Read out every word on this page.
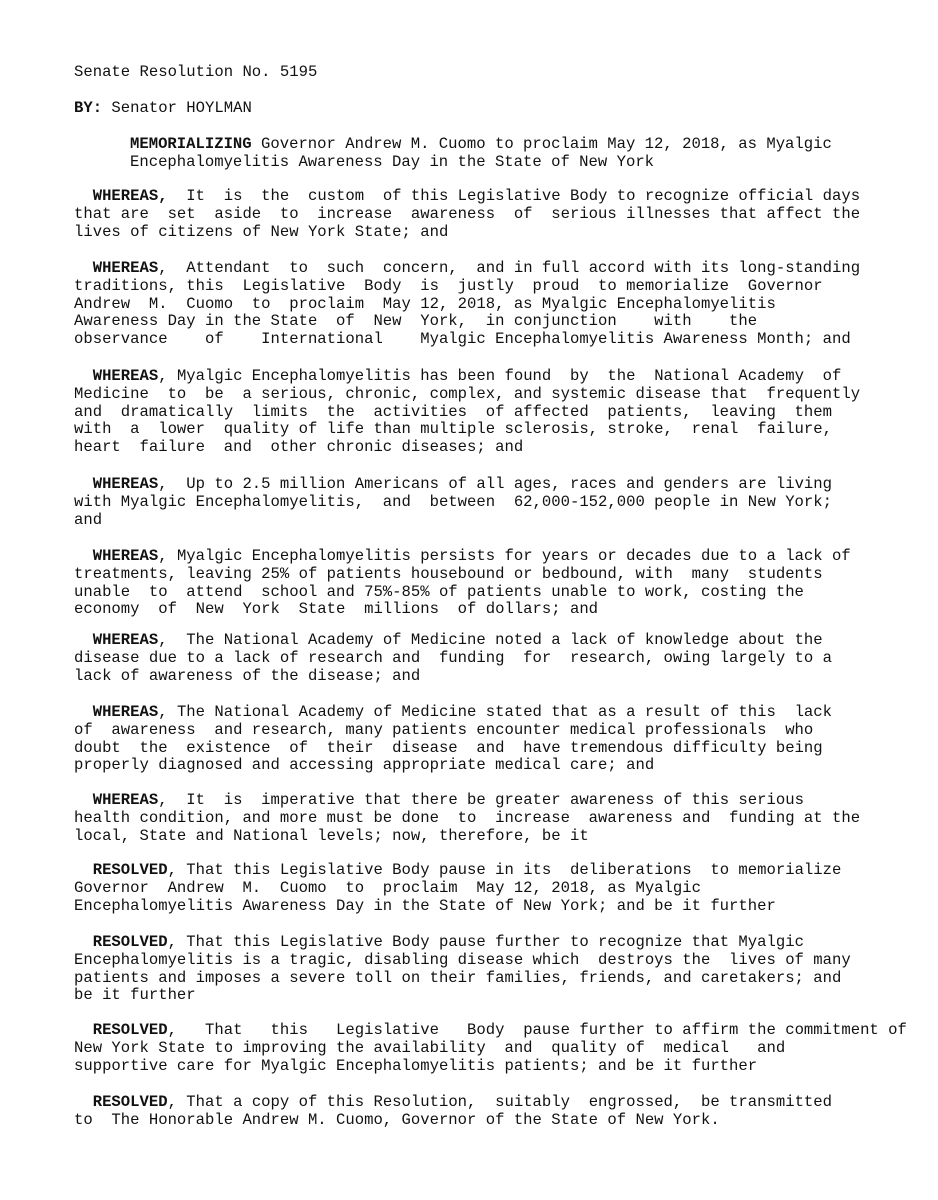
Senate Resolution No. 5195
BY: Senator HOYLMAN
MEMORIALIZING Governor Andrew M. Cuomo to proclaim May 12, 2018, as Myalgic
Encephalomyelitis Awareness Day in the State of New York

WHEREAS,  It  is  the  custom  of this Legislative Body to recognize official days

that are  set  aside  to  increase  awareness  of  serious illnesses that affect the

lives of citizens of New York State; and

WHEREAS,  Attendant  to  such  concern,  and in full accord with its long-standing

traditions, this  Legislative  Body  is  justly  proud  to memorialize  Governor

Andrew  M.  Cuomo  to  proclaim  May 12, 2018, as Myalgic Encephalomyelitis

Awareness Day in the State  of  New  York,  in conjunction    with    the

observance    of    International    Myalgic Encephalomyelitis Awareness Month; and

WHEREAS, Myalgic Encephalomyelitis has been found  by  the  National Academy  of

Medicine  to  be  a serious, chronic, complex, and systemic disease that  frequently

and  dramatically  limits  the  activities  of affected  patients,  leaving  them

with  a  lower  quality of life than multiple sclerosis, stroke,  renal  failure,

heart  failure  and  other chronic diseases; and

WHEREAS,  Up to 2.5 million Americans of all ages, races and genders are living

with Myalgic Encephalomyelitis,  and  between  62,000-152,000 people in New York;

and

WHEREAS, Myalgic Encephalomyelitis persists for years or decades due to a lack of

treatments, leaving 25% of patients housebound or bedbound, with  many  students

unable  to  attend  school and 75%-85% of patients unable to work, costing the

economy  of  New  York  State  millions  of dollars; and

WHEREAS,  The National Academy of Medicine noted a lack of knowledge about the

disease due to a lack of research and  funding  for  research, owing largely to a

lack of awareness of the disease; and

WHEREAS, The National Academy of Medicine stated that as a result of this  lack

of  awareness  and research, many patients encounter medical professionals  who

doubt  the  existence  of  their  disease  and  have tremendous difficulty being

properly diagnosed and accessing appropriate medical care; and

WHEREAS,  It  is  imperative that there be greater awareness of this serious

health condition, and more must be done  to  increase  awareness and  funding at the

local, State and National levels; now, therefore, be it

RESOLVED, That this Legislative Body pause in its  deliberations  to memorialize

Governor  Andrew  M.  Cuomo  to  proclaim  May 12, 2018, as Myalgic

Encephalomyelitis Awareness Day in the State of New York; and be it further

RESOLVED, That this Legislative Body pause further to recognize that Myalgic

Encephalomyelitis is a tragic, disabling disease which  destroys the  lives of many

patients and imposes a severe toll on their families, friends, and caretakers; and

be it further

RESOLVED,   That   this   Legislative   Body  pause further to affirm the commitment of

New York State to improving the availability  and  quality of  medical   and

supportive care for Myalgic Encephalomyelitis patients; and be it further

RESOLVED, That a copy of this Resolution,  suitably  engrossed,  be transmitted

to  The Honorable Andrew M. Cuomo, Governor of the State of New York.
